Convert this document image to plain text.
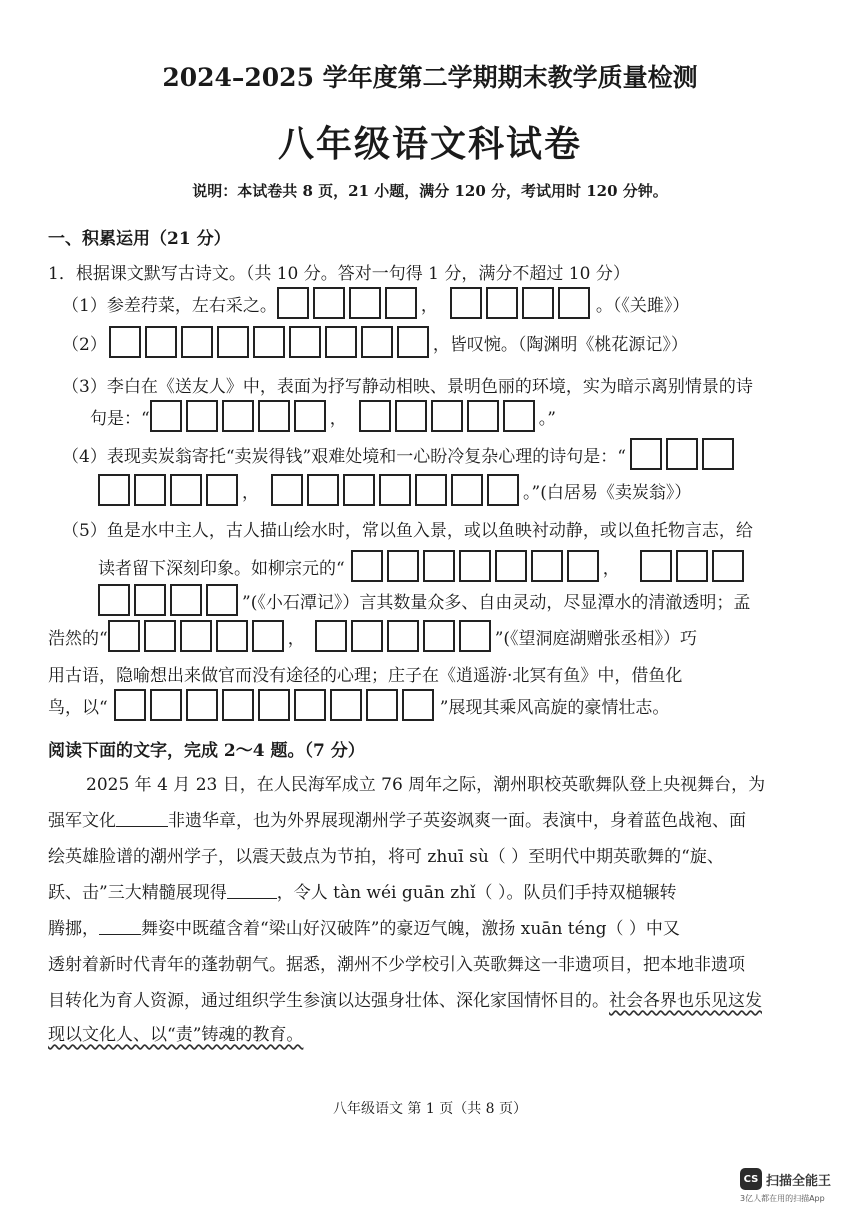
2024–2025 学年度第二学期期末教学质量检测
八年级语文科试卷
说明：本试卷共 8 页，21 小题，满分 120 分，考试用时 120 分钟。
一、积累运用（21 分）
1．根据课文默写古诗文。（共 10 分。答对一句得 1 分，满分不超过 10 分）
（1）参差荇菜，左右采之。	，	。（《关雎》）
（2）	，皆叹惋。（陶渊明《桃花源记》）
（3）李白在《送友人》中，表面为抒写静动相映、景明色丽的环境，实为暗示离别情景的诗
句是：“	，	。”
（4）表现卖炭翁寄托“卖炭得钱”艰难处境和一心盼冷复杂心理的诗句是：“
，	。”(白居易《卖炭翁》）
（5）鱼是水中主人，古人描山绘水时，常以鱼入景，或以鱼映衬动静，或以鱼托物言志，给
读者留下深刻印象。如柳宗元的“	，
”(《小石潭记》）言其数量众多、自由灵动，尽显潭水的清澈透明；孟
浩然的“	，	”(《望洞庭湖赠张丞相》）巧
用古语，隐喻想出来做官而没有途径的心理；庄子在《逍遥游·北冥有鱼》中，借鱼化
鸟，以“	”展现其乘风高旋的豪情壮志。
阅读下面的文字，完成 2～4 题。（7 分）
2025 年 4 月 23 日，在人民海军成立 76 周年之际，潮州职校英歌舞队登上央视舞台，为
强军文化	非遗华章，也为外界展现潮州学子英姿飒爽一面。表演中，身着蓝色战袍、面
绘英雄脸谱的潮州学子，以震天鼓点为节拍，将可 zhuī sù（ ）至明代中期英歌舞的“旋、
跃、击”三大精髓展现得	，令人 tàn wéi guān zhǐ（ ）。队员们手持双槌辗转
腾挪， 舞姿中既蕴含着“梁山好汉破阵”的豪迈气魄，激扬 xuān téng（ ）中又
透射着新时代青年的蓬勃朝气。据悉，潮州不少学校引入英歌舞这一非遗项目，把本地非遗项
目转化为育人资源，通过组织学生参演以达强身壮体、深化家国情怀目的。 社会各界也乐见这发
现以文化人、以“责”铸魂的教育。
八年级语文 第 1 页（共 8 页）
CS 扫描全能王
3亿人都在用的扫描App
